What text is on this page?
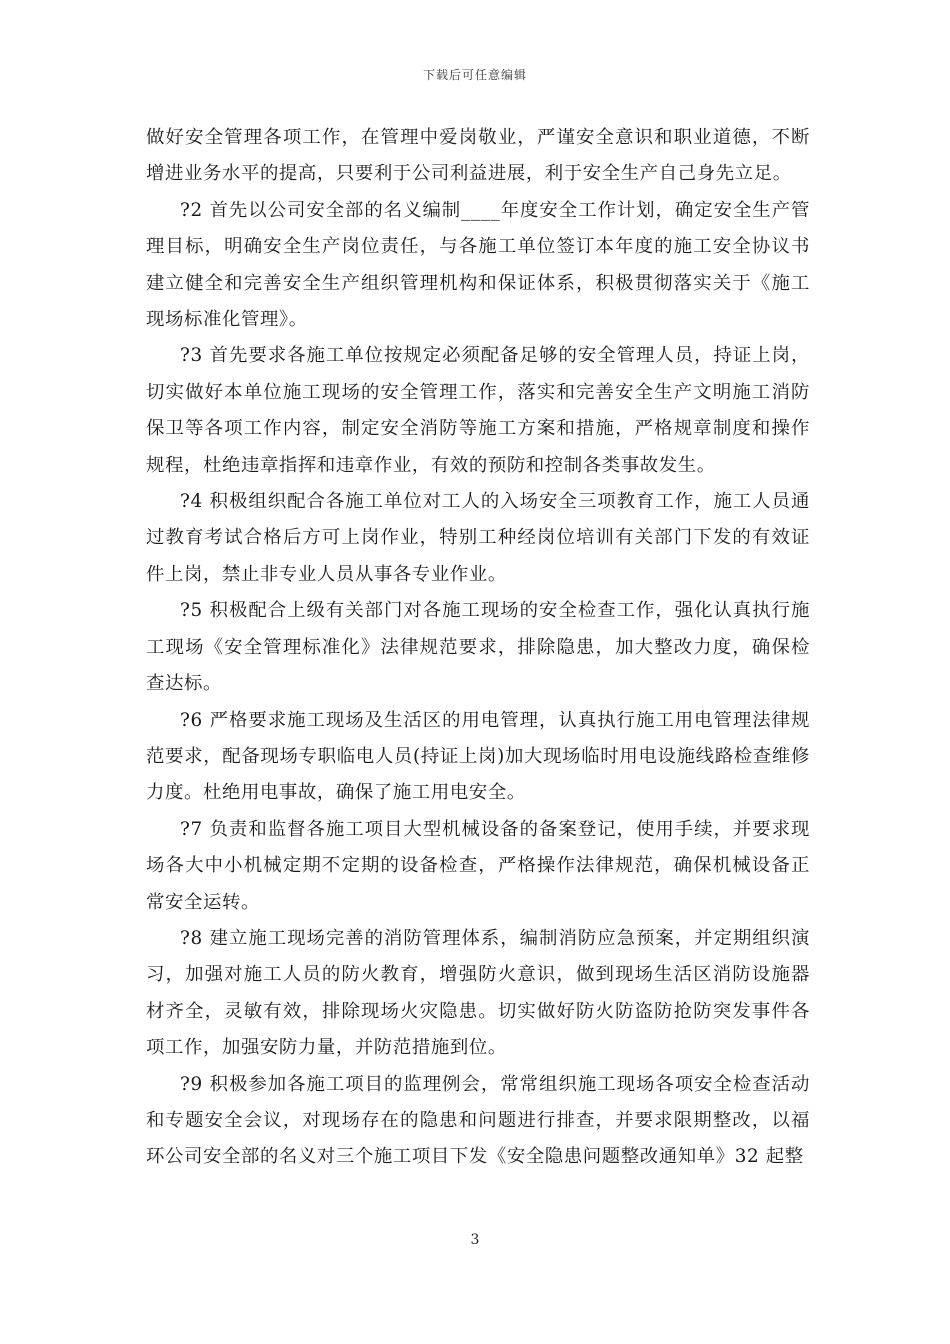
下载后可任意编辑

做好安全管理各项工作，在管理中爱岗敬业，严谨安全意识和职业道德，不断增进业务水平的提高，只要利于公司利益进展，利于安全生产自己身先立足。

?2 首先以公司安全部的名义编制____年度安全工作计划，确定安全生产管理目标，明确安全生产岗位责任，与各施工单位签订本年度的施工安全协议书建立健全和完善安全生产组织管理机构和保证体系，积极贯彻落实关于《施工现场标准化管理》。

?3 首先要求各施工单位按规定必须配备足够的安全管理人员，持证上岗，切实做好本单位施工现场的安全管理工作，落实和完善安全生产文明施工消防保卫等各项工作内容，制定安全消防等施工方案和措施，严格规章制度和操作规程，杜绝违章指挥和违章作业，有效的预防和控制各类事故发生。

?4 积极组织配合各施工单位对工人的入场安全三项教育工作，施工人员通过教育考试合格后方可上岗作业，特别工种经岗位培训有关部门下发的有效证件上岗，禁止非专业人员从事各专业作业。

?5 积极配合上级有关部门对各施工现场的安全检查工作，强化认真执行施工现场《安全管理标准化》法律规范要求，排除隐患，加大整改力度，确保检查达标。

?6 严格要求施工现场及生活区的用电管理，认真执行施工用电管理法律规范要求，配备现场专职临电人员(持证上岗)加大现场临时用电设施线路检查维修力度。杜绝用电事故，确保了施工用电安全。

?7 负责和监督各施工项目大型机械设备的备案登记，使用手续，并要求现场各大中小机械定期不定期的设备检查，严格操作法律规范，确保机械设备正常安全运转。

?8 建立施工现场完善的消防管理体系，编制消防应急预案，并定期组织演习，加强对施工人员的防火教育，增强防火意识，做到现场生活区消防设施器材齐全，灵敏有效，排除现场火灾隐患。切实做好防火防盗防抢防突发事件各项工作，加强安防力量，并防范措施到位。

?9 积极参加各施工项目的监理例会，常常组织施工现场各项安全检查活动和专题安全会议，对现场存在的隐患和问题进行排查，并要求限期整改，以福环公司安全部的名义对三个施工项目下发《安全隐患问题整改通知单》32 起整

3
